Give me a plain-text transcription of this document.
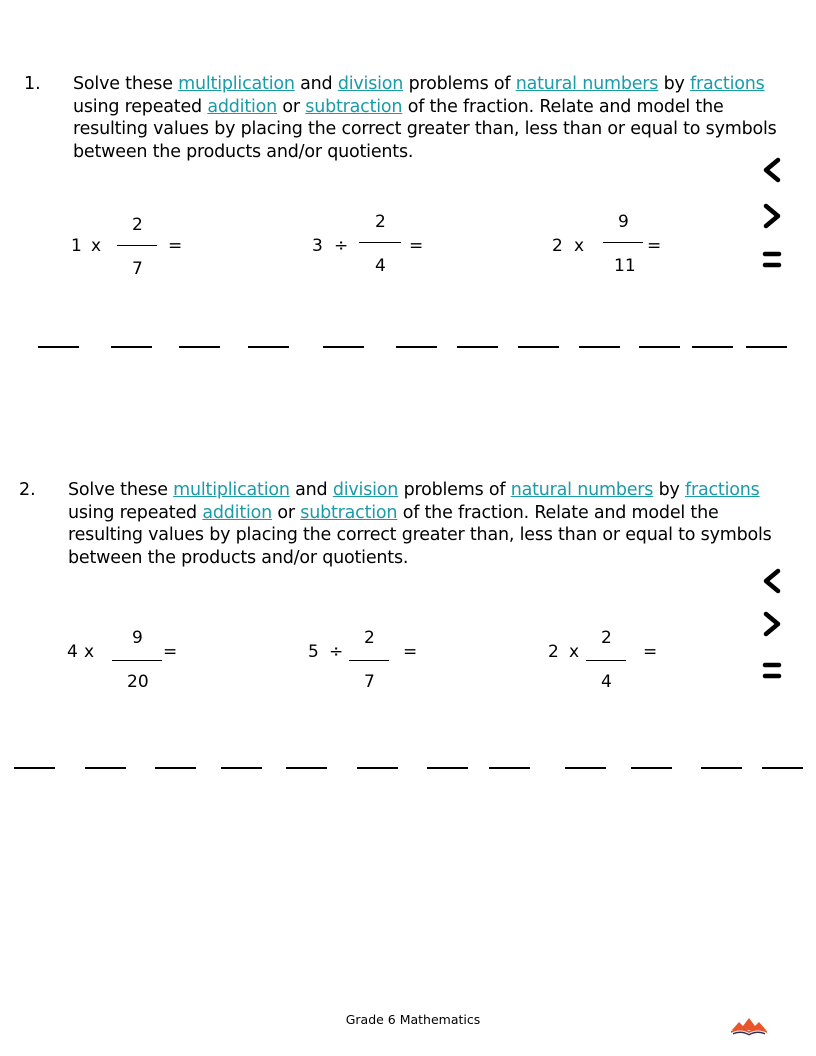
1. Solve these multiplication and division problems of natural numbers by fractions using repeated addition or subtraction of the fraction. Relate and model the resulting values by placing the correct greater than, less than or equal to symbols between the products and/or quotients.
1 x
2
7
=	3 ÷
2
4
=	2 x
9
11
=
2. Solve these multiplication and division problems of natural numbers by fractions using repeated addition or subtraction of the fraction. Relate and model the resulting values by placing the correct greater than, less than or equal to symbols between the products and/or quotients.
4 x
9
20
=	5 ÷
2
7
=	2 x
2
4
=
Grade 6 Mathematics
